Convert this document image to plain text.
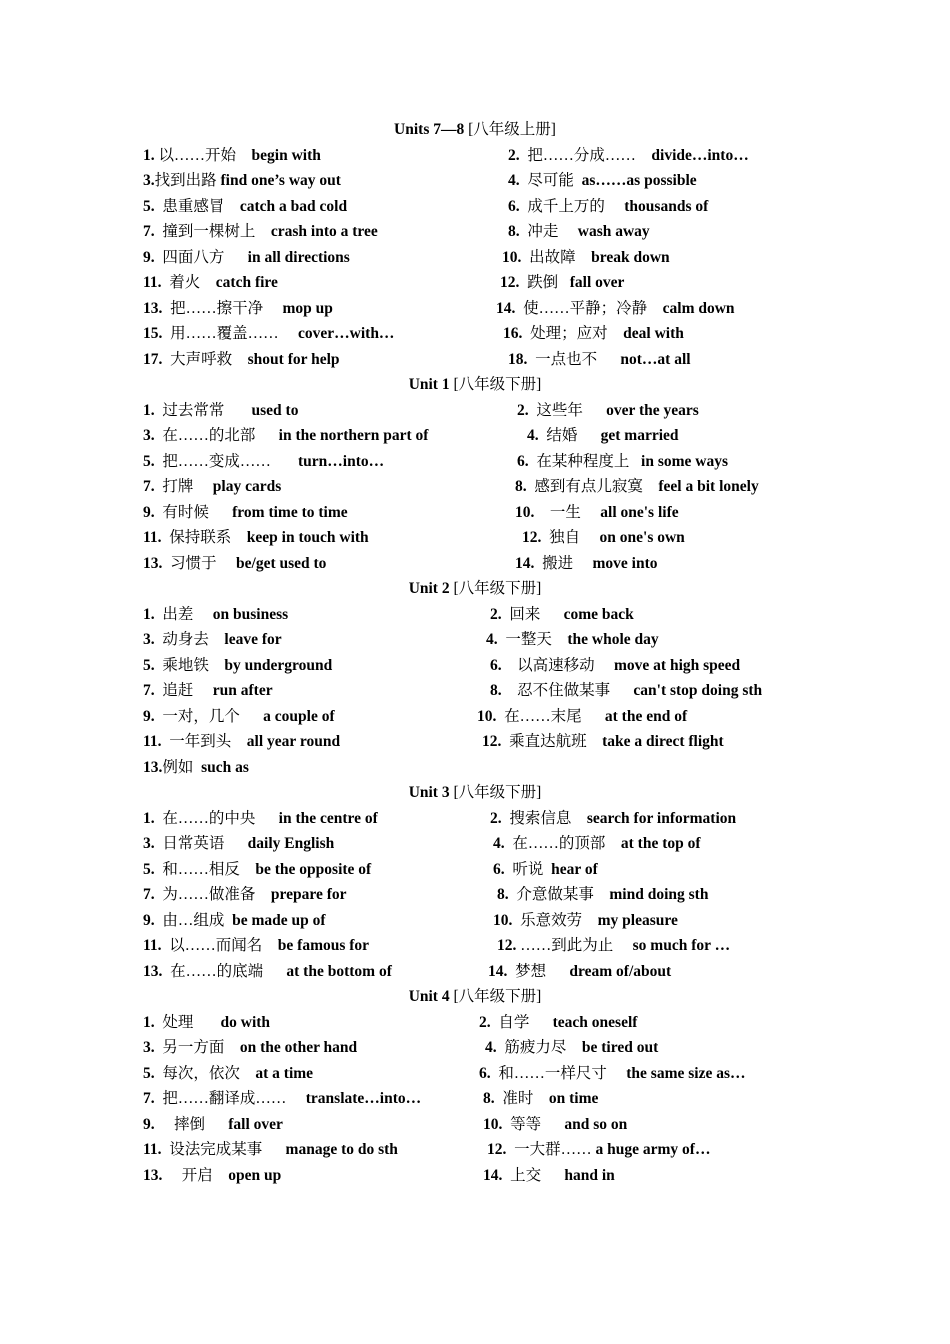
Units 7—8 [八年级上册]
1. 以……开始    begin with	2.  把……分成……    divide…into…
3.找到出路 find one’s way out	4.  尽可能  as……as possible
5.  患重感冒    catch a bad cold	6.  成千上万的     thousands of
7.  撞到一棵树上    crash into a tree	8.  冲走     wash away
9.  四面八方      in all directions	10.  出故障    break down
11.  着火    catch fire	12.  跌倒   fall over
13.  把……擦干净     mop up	14.  使……平静；冷静    calm down
15.  用……覆盖……     cover…with…	16.  处理；应对    deal with
17.  大声呼救    shout for help	18.  一点也不      not…at all
Unit 1 [八年级下册]
1.  过去常常       used to	2.  这些年      over the years
3.  在……的北部      in the northern part of	4.  结婚      get married
5.  把……变成……       turn…into…	6.  在某种程度上   in some ways
7.  打牌     play cards	8.  感到有点儿寂寞    feel a bit lonely
9.  有时候      from time to time	10.    一生     all one's life
11.  保持联系    keep in touch with	12.  独自     on one's own
13.  习惯于     be/get used to	14.  搬进     move into
Unit 2 [八年级下册]
1.  出差     on business	2.  回来      come back
3.  动身去    leave for	4.  一整天    the whole day
5.  乘地铁    by underground	6.    以高速移动     move at high speed
7.  追赶     run after	8.    忍不住做某事      can't stop doing sth
9.  一对，几个      a couple of	10.  在……末尾      at the end of
11.  一年到头    all year round	12.  乘直达航班    take a direct flight
13.例如  such as
Unit 3 [八年级下册]
1.  在……的中央      in the centre of	2.  搜索信息    search for information
3.  日常英语      daily English	4.  在……的顶部    at the top of
5.  和……相反    be the opposite of	6.  听说  hear of
7.  为……做准备    prepare for	8.  介意做某事    mind doing sth
9.  由…组成  be made up of	10.  乐意效劳    my pleasure
11.  以……而闻名    be famous for	12. ……到此为止     so much for …
13.  在……的底端      at the bottom of	14.  梦想      dream of/about
Unit 4 [八年级下册]
1.  处理       do with	2.  自学      teach oneself
3.  另一方面    on the other hand	4.  筋疲力尽    be tired out
5.  每次，依次    at a time	6.  和……一样尺寸     the same size as…
7.  把……翻译成……     translate…into…	8.  准时    on time
9.     摔倒      fall over	10.  等等      and so on
11.  设法完成某事      manage to do sth	12.  一大群…… a huge army of…
13.     开启    open up	14.  上交      hand in
